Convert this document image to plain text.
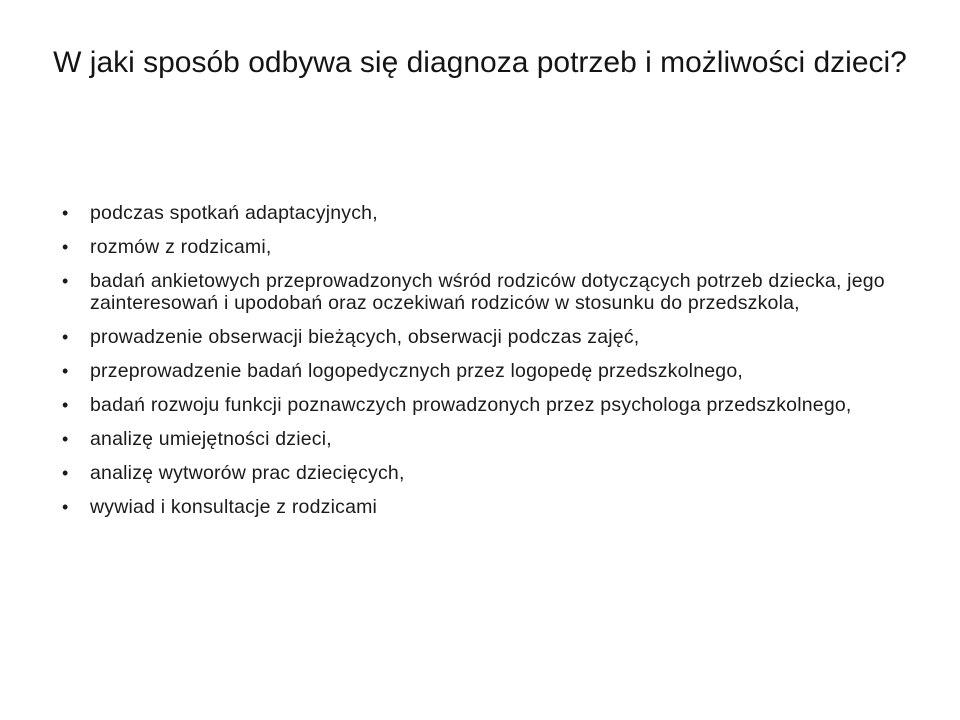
W jaki sposób odbywa się diagnoza potrzeb i możliwości dzieci?
•	podczas spotkań adaptacyjnych,
•	rozmów z rodzicami,
•	badań ankietowych przeprowadzonych wśród rodziców dotyczących potrzeb dziecka, jego zainteresowań i upodobań oraz oczekiwań rodziców w stosunku do przedszkola,
•	prowadzenie obserwacji bieżących, obserwacji podczas zajęć,
•	przeprowadzenie badań logopedycznych przez logopedę przedszkolnego,
•	badań rozwoju funkcji poznawczych prowadzonych przez psychologa przedszkolnego,
•	analizę umiejętności dzieci,
•	analizę wytworów prac dziecięcych,
•	wywiad i konsultacje z rodzicami
